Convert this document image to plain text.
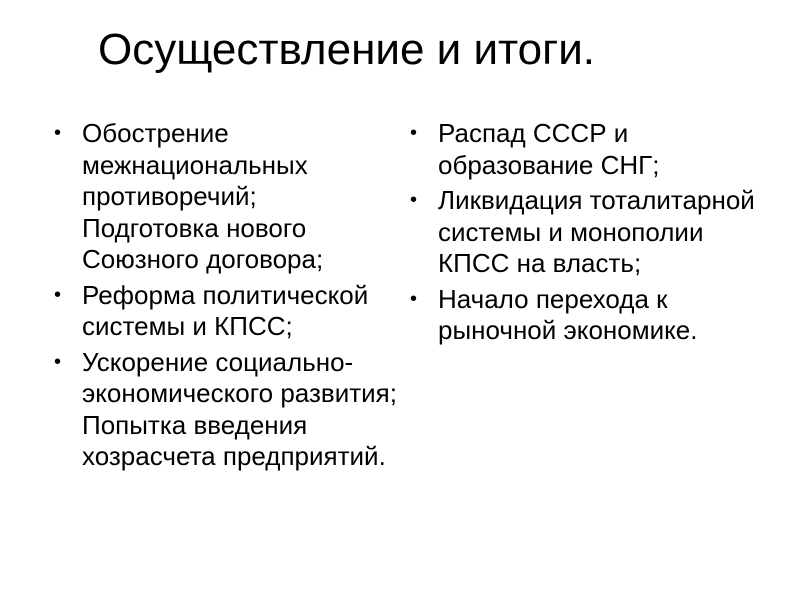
Осуществление и итоги.
• Обострение межнациональных противоречий; Подготовка нового Союзного договора;
• Реформа политической системы и КПСС;
• Ускорение социально-экономического развития; Попытка введения хозрасчета предприятий.
• Распад СССР и образование СНГ;
• Ликвидация тоталитарной системы и монополии КПСС на власть;
• Начало перехода к рыночной экономике.
